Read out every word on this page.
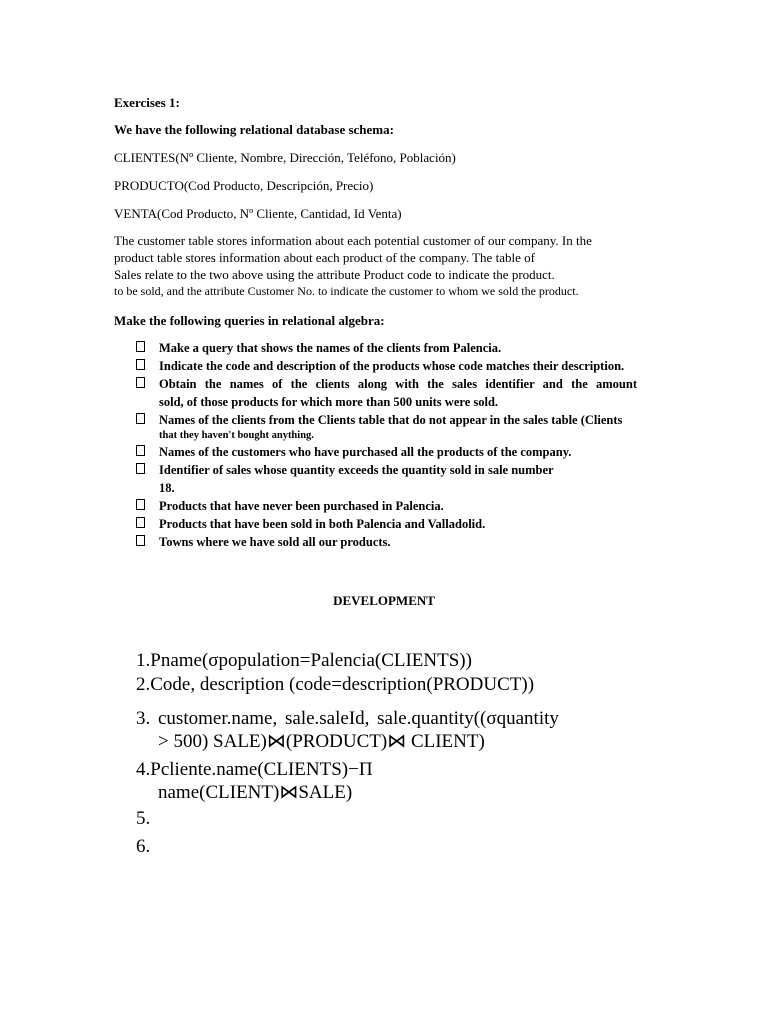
Exercises 1:
We have the following relational database schema:
CLIENTES(Nº Cliente, Nombre, Dirección, Teléfono, Población)
PRODUCTO(Cod Producto, Descripción, Precio)
VENTA(Cod Producto, Nº Cliente, Cantidad, Id Venta)
The customer table stores information about each potential customer of our company. In the
product table stores information about each product of the company. The table of
Sales relate to the two above using the attribute Product code to indicate the product.
to be sold, and the attribute Customer No. to indicate the customer to whom we sold the product.
Make the following queries in relational algebra:
Make a query that shows the names of the clients from Palencia.
Indicate the code and description of the products whose code matches their description.
Obtain the names of the clients along with the sales identifier and the amount
sold, of those products for which more than 500 units were sold.
Names of the clients from the Clients table that do not appear in the sales table (Clients
that they haven't bought anything.
Names of the customers who have purchased all the products of the company.
Identifier of sales whose quantity exceeds the quantity sold in sale number
18.
Products that have never been purchased in Palencia.
Products that have been sold in both Palencia and Valladolid.
Towns where we have sold all our products.
DEVELOPMENT
1.Pname(σpopulation=Palencia(CLIENTS))
2.Code, description (code=description(PRODUCT))
3. customer.name, sale.saleId, sale.quantity((σquantity
> 500) SALE)⋈(PRODUCT)⋈ CLIENT)
4.Pcliente.name(CLIENTS)−Π
name(CLIENT)⋈SALE)
5.
6.
